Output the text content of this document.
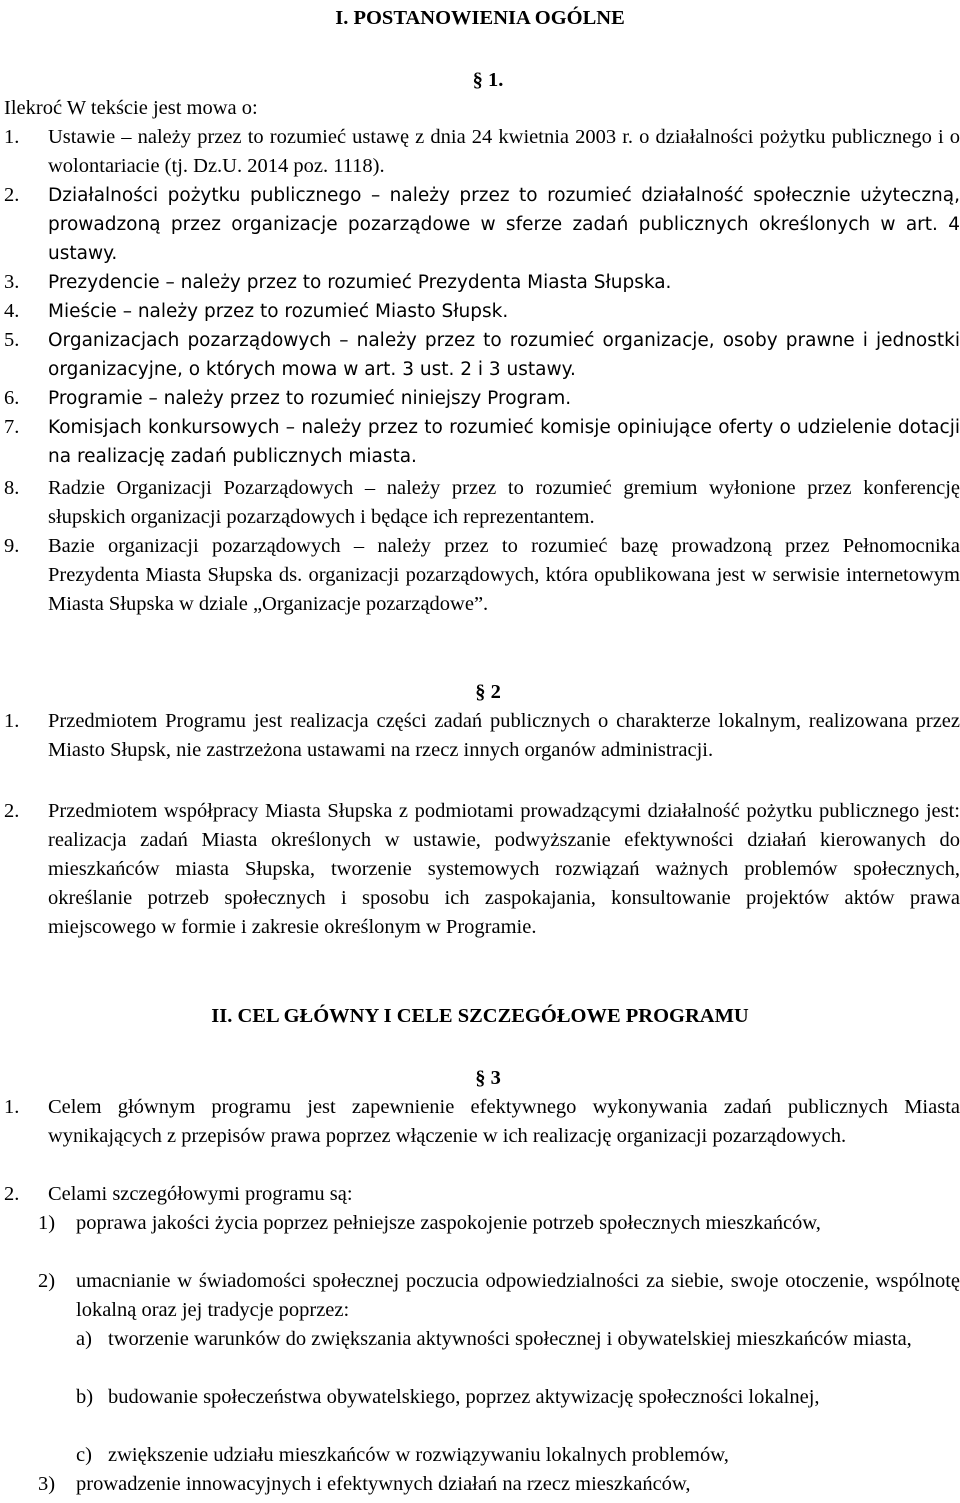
I. POSTANOWIENIA OGÓLNE
§ 1.
Ilekroć W tekście jest mowa o:
1. Ustawie – należy przez to rozumieć ustawę z dnia 24 kwietnia 2003 r. o działalności pożytku publicznego i o wolontariacie (tj. Dz.U. 2014 poz. 1118).
2. Działalności pożytku publicznego – należy przez to rozumieć działalność społecznie użyteczną, prowadzoną przez organizacje pozarządowe w sferze zadań publicznych określonych w art. 4 ustawy.
3. Prezydencie – należy przez to rozumieć Prezydenta Miasta Słupska.
4. Mieście – należy przez to rozumieć Miasto Słupsk.
5. Organizacjach pozarządowych – należy przez to rozumieć organizacje, osoby prawne i jednostki organizacyjne, o których mowa w art. 3 ust. 2 i 3 ustawy.
6. Programie – należy przez to rozumieć niniejszy Program.
7. Komisjach konkursowych – należy przez to rozumieć komisje opiniujące oferty o udzielenie dotacji na realizację zadań publicznych miasta.
8. Radzie Organizacji Pozarządowych – należy przez to rozumieć gremium wyłonione przez konferencję słupskich organizacji pozarządowych i będące ich reprezentantem.
9. Bazie organizacji pozarządowych – należy przez to rozumieć bazę prowadzoną przez Pełnomocnika Prezydenta Miasta Słupska ds. organizacji pozarządowych, która opublikowana jest w serwisie internetowym Miasta Słupska w dziale „Organizacje pozarządowe”.
§ 2
1. Przedmiotem Programu jest realizacja części zadań publicznych o charakterze lokalnym, realizowana przez Miasto Słupsk, nie zastrzeżona ustawami na rzecz innych organów administracji.
2. Przedmiotem współpracy Miasta Słupska z podmiotami prowadzącymi działalność pożytku publicznego jest: realizacja zadań Miasta określonych w ustawie, podwyższanie efektywności działań kierowanych do mieszkańców miasta Słupska, tworzenie systemowych rozwiązań ważnych problemów społecznych, określanie potrzeb społecznych i sposobu ich zaspokajania, konsultowanie projektów aktów prawa miejscowego w formie i zakresie określonym w Programie.
II. CEL GŁÓWNY I CELE SZCZEGÓŁOWE PROGRAMU
§ 3
1. Celem głównym programu jest zapewnienie efektywnego wykonywania zadań publicznych Miasta wynikających z przepisów prawa poprzez włączenie w ich realizację organizacji pozarządowych.
2. Celami szczegółowymi programu są:
1) poprawa jakości życia poprzez pełniejsze zaspokojenie potrzeb społecznych mieszkańców,
2) umacnianie w świadomości społecznej poczucia odpowiedzialności za siebie, swoje otoczenie, wspólnotę lokalną oraz jej tradycje poprzez:
a) tworzenie warunków do zwiększania aktywności społecznej i obywatelskiej mieszkańców miasta,
b) budowanie społeczeństwa obywatelskiego, poprzez aktywizację społeczności lokalnej,
c) zwiększenie udziału mieszkańców w rozwiązywaniu lokalnych problemów,
3) prowadzenie innowacyjnych i efektywnych działań na rzecz mieszkańców,
